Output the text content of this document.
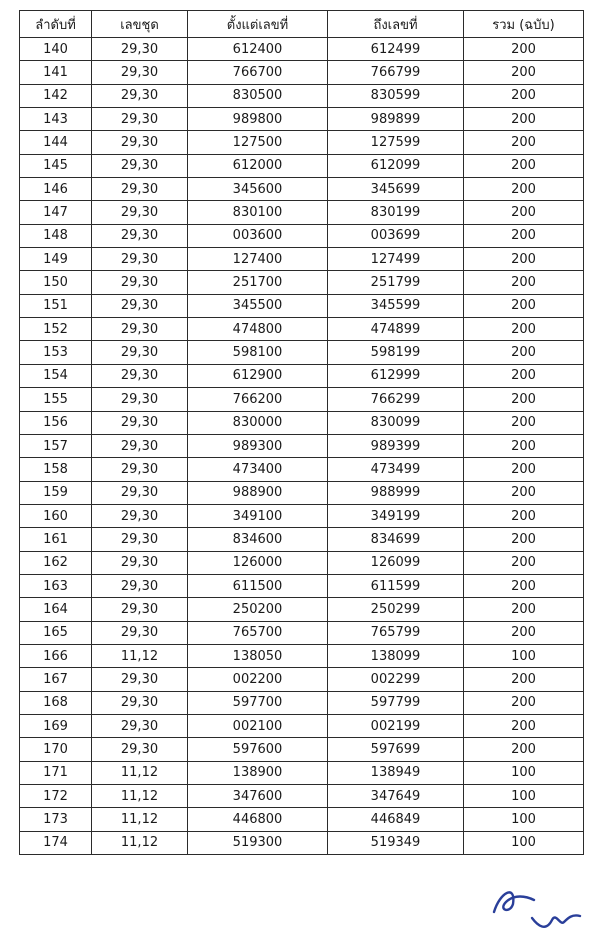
ลำดับที่	เลขชุด	ตั้งแต่เลขที่	ถึงเลขที่	รวม (ฉบับ)
140	29,30	612400	612499	200
141	29,30	766700	766799	200
142	29,30	830500	830599	200
143	29,30	989800	989899	200
144	29,30	127500	127599	200
145	29,30	612000	612099	200
146	29,30	345600	345699	200
147	29,30	830100	830199	200
148	29,30	003600	003699	200
149	29,30	127400	127499	200
150	29,30	251700	251799	200
151	29,30	345500	345599	200
152	29,30	474800	474899	200
153	29,30	598100	598199	200
154	29,30	612900	612999	200
155	29,30	766200	766299	200
156	29,30	830000	830099	200
157	29,30	989300	989399	200
158	29,30	473400	473499	200
159	29,30	988900	988999	200
160	29,30	349100	349199	200
161	29,30	834600	834699	200
162	29,30	126000	126099	200
163	29,30	611500	611599	200
164	29,30	250200	250299	200
165	29,30	765700	765799	200
166	11,12	138050	138099	100
167	29,30	002200	002299	200
168	29,30	597700	597799	200
169	29,30	002100	002199	200
170	29,30	597600	597699	200
171	11,12	138900	138949	100
172	11,12	347600	347649	100
173	11,12	446800	446849	100
174	11,12	519300	519349	100
